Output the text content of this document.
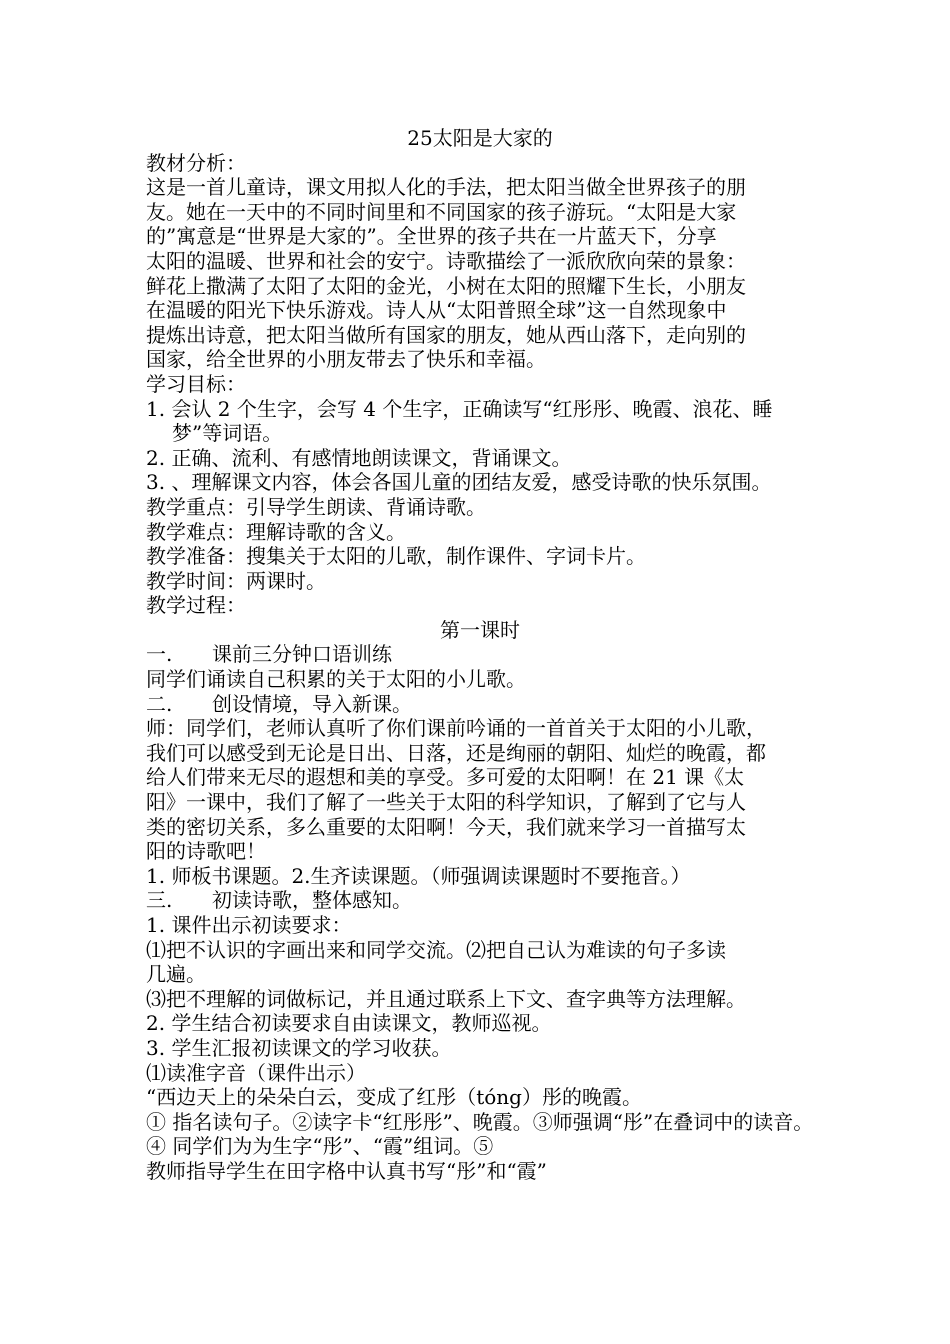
25太阳是大家的
教材分析：
这是一首儿童诗，课文用拟人化的手法，把太阳当做全世界孩子的朋
友。她在一天中的不同时间里和不同国家的孩子游玩。“太阳是大家
的”寓意是“世界是大家的”。全世界的孩子共在一片蓝天下，分享
太阳的温暖、世界和社会的安宁。诗歌描绘了一派欣欣向荣的景象：
鲜花上撒满了太阳了太阳的金光，小树在太阳的照耀下生长，小朋友
在温暖的阳光下快乐游戏。诗人从“太阳普照全球”这一自然现象中
提炼出诗意，把太阳当做所有国家的朋友，她从西山落下，走向别的
国家，给全世界的小朋友带去了快乐和幸福。
学习目标：
1. 会认 2 个生字，会写 4 个生字，正确读写“红彤彤、晚霞、浪花、睡梦”等词语。
2. 正确、流利、有感情地朗读课文，背诵课文。
3. 、理解课文内容，体会各国儿童的团结友爱，感受诗歌的快乐氛围。
教学重点：引导学生朗读、背诵诗歌。
教学难点：理解诗歌的含义。
教学准备：搜集关于太阳的儿歌，制作课件、字词卡片。
教学时间：两课时。
教学过程：
第一课时
一. 课前三分钟口语训练
同学们诵读自己积累的关于太阳的小儿歌。
二. 创设情境，导入新课。
师：同学们，老师认真听了你们课前吟诵的一首首关于太阳的小儿歌，
我们可以感受到无论是日出、日落，还是绚丽的朝阳、灿烂的晚霞，都
给人们带来无尽的遐想和美的享受。多可爱的太阳啊！在 21 课《太
阳》一课中，我们了解了一些关于太阳的科学知识，了解到了它与人
类的密切关系，多么重要的太阳啊！今天，我们就来学习一首描写太
阳的诗歌吧！
1. 师板书课题。2.生齐读课题。（师强调读课题时不要拖音。）
三. 初读诗歌，整体感知。
1. 课件出示初读要求：
⑴把不认识的字画出来和同学交流。⑵把自己认为难读的句子多读
几遍。
⑶把不理解的词做标记，并且通过联系上下文、查字典等方法理解。
2. 学生结合初读要求自由读课文，教师巡视。
3. 学生汇报初读课文的学习收获。
⑴读准字音（课件出示）
“西边天上的朵朵白云，变成了红彤（tóng）彤的晚霞。
① 指名读句子。②读字卡“红彤彤”、晚霞。③师强调“彤”在叠词中的读音。
④ 同学们为为生字“彤”、“霞”组词。⑤
教师指导学生在田字格中认真书写“彤”和“霞”
